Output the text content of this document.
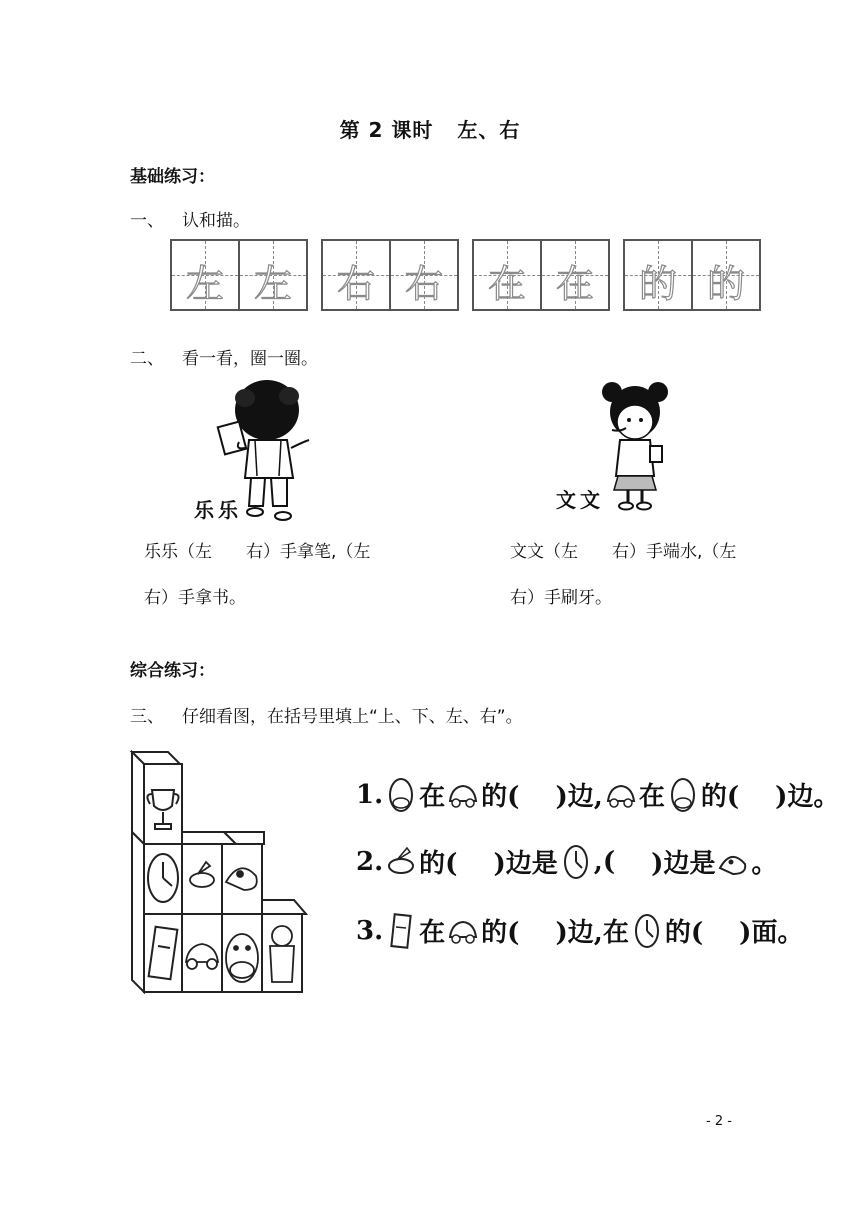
第 2 课时 左、右
基础练习：
一、 认和描。
左 左	右 右	在 在	的 的
二、 看一看，圈一圈。
乐乐	文文
乐乐（左　　右）手拿笔,（左
右）手拿书。
文文（左　　右）手端水,（左
右）手刷牙。
综合练习：
三、 仔细看图，在括号里填上“上、下、左、右”。
1. 在 的( )边, 在 的( )边。
2. 的( )边是 ,( )边是 。
3. 在 的( )边,在 的( )面。
- 2 -
